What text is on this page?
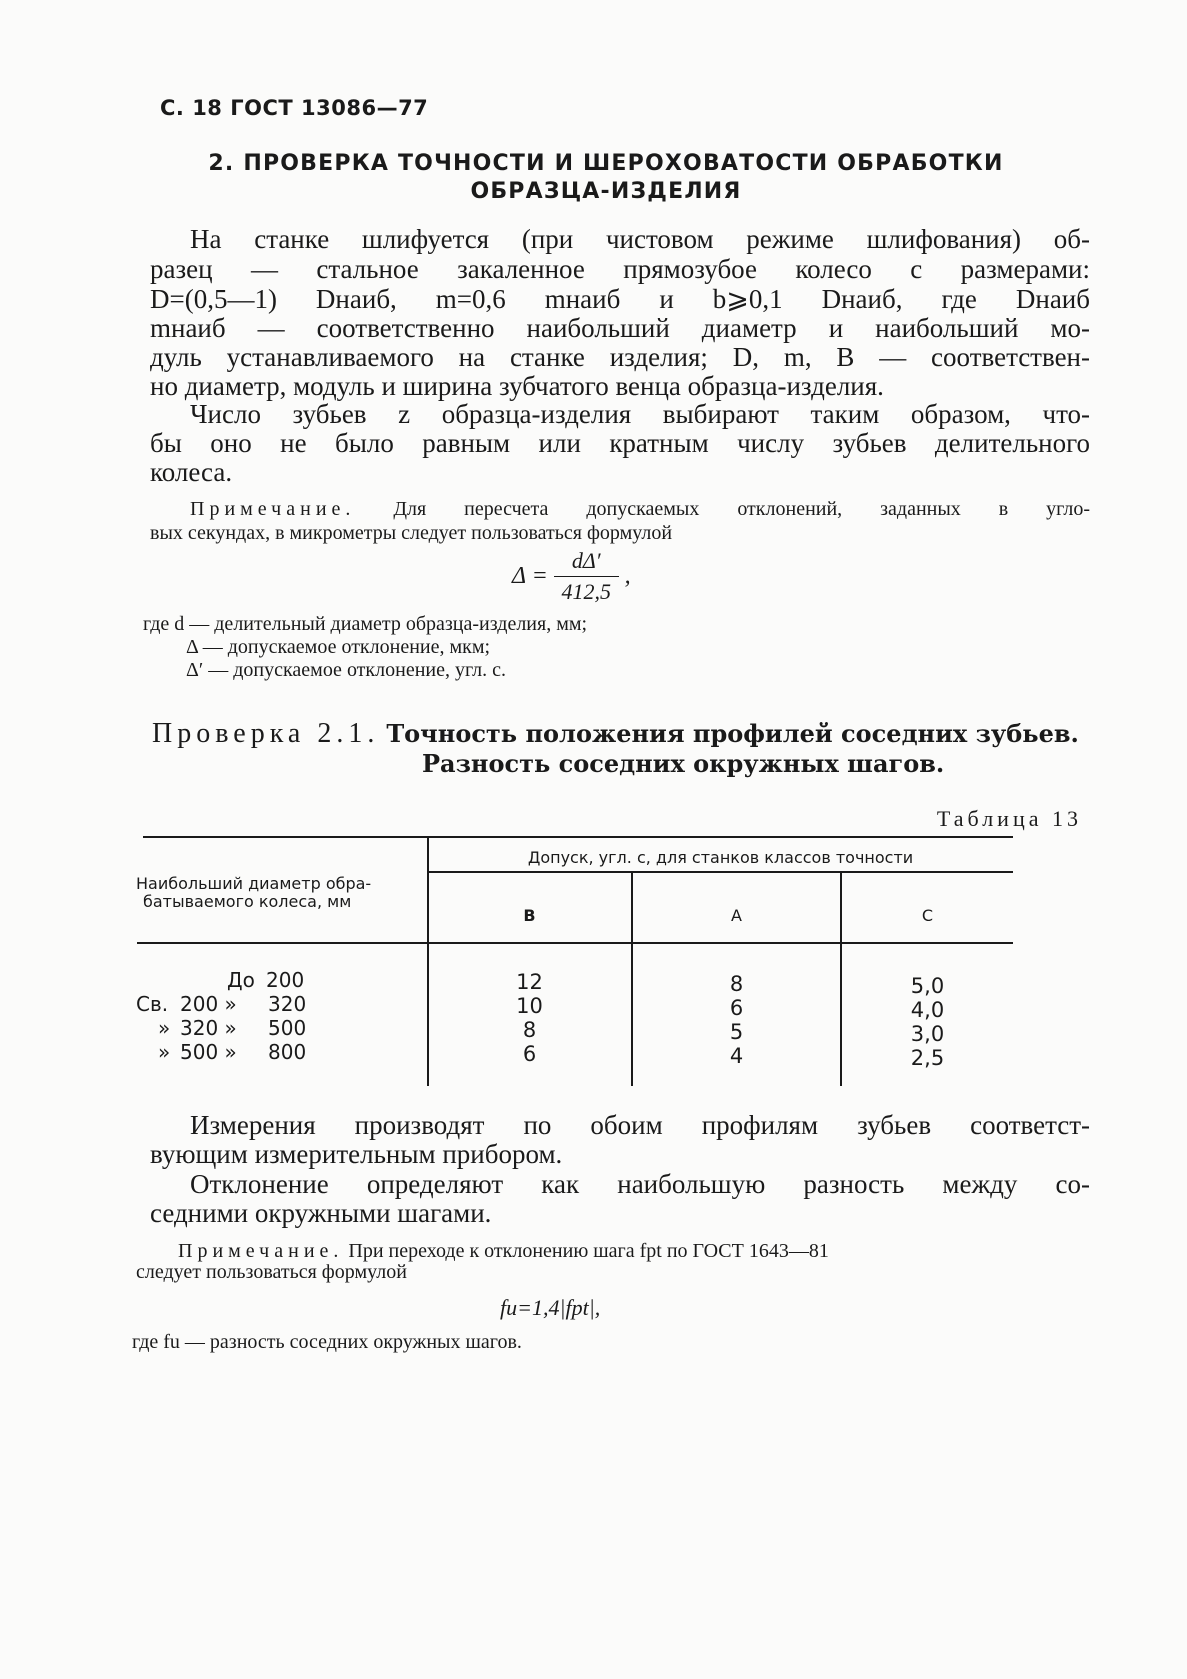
С. 18 ГОСТ 13086—77
2. ПРОВЕРКА ТОЧНОСТИ И ШЕРОХОВАТОСТИ ОБРАБОТКИ
ОБРАЗЦА-ИЗДЕЛИЯ
На станке шлифуется (при чистовом режиме шлифования) об-
разец — стальное закаленное прямозубое колесо с размерами:
D=(0,5—1) Dнаиб, m=0,6 mнаиб и b⩾0,1 Dнаиб, где Dнаиб
mнаиб — соответственно наибольший диаметр и наибольший мо-
дуль устанавливаемого на станке изделия; D, m, B — соответствен-
но диаметр, модуль и ширина зубчатого венца образца-изделия.
Число зубьев z образца-изделия выбирают таким образом, что-
бы оно не было равным или кратным числу зубьев делительного
колеса.
Примечание. Для пересчета допускаемых отклонений, заданных в угло-
вых секундах, в микрометры следует пользоваться формулой
$\Delta = \frac{d\Delta'}{412,5}$ ,
где d — делительный диаметр образца-изделия, мм;
Δ — допускаемое отклонение, мкм;
Δ′ — допускаемое отклонение, угл. с.
Проверка 2.1. Точность положения профилей соседних зубьев.
Разность соседних окружных шагов.
Таблица 13
Наибольший диаметр обра-
батываемого колеса, мм
Допуск, угл. с, для станков классов точности
В	А	С
До 200
Св. 200 » 320
» 320 » 500
» 500 » 800
12
10
8
6
8
6
5
4
5,0
4,0
3,0
2,5
Измерения производят по обоим профилям зубьев соответст-
вующим измерительным прибором.
Отклонение определяют как наибольшую разность между со-
седними окружными шагами.
Примечание. При переходе к отклонению шага fpt по ГОСТ 1643—81
следует пользоваться формулой
fu=1,4|fpt|,
где fu — разность соседних окружных шагов.
